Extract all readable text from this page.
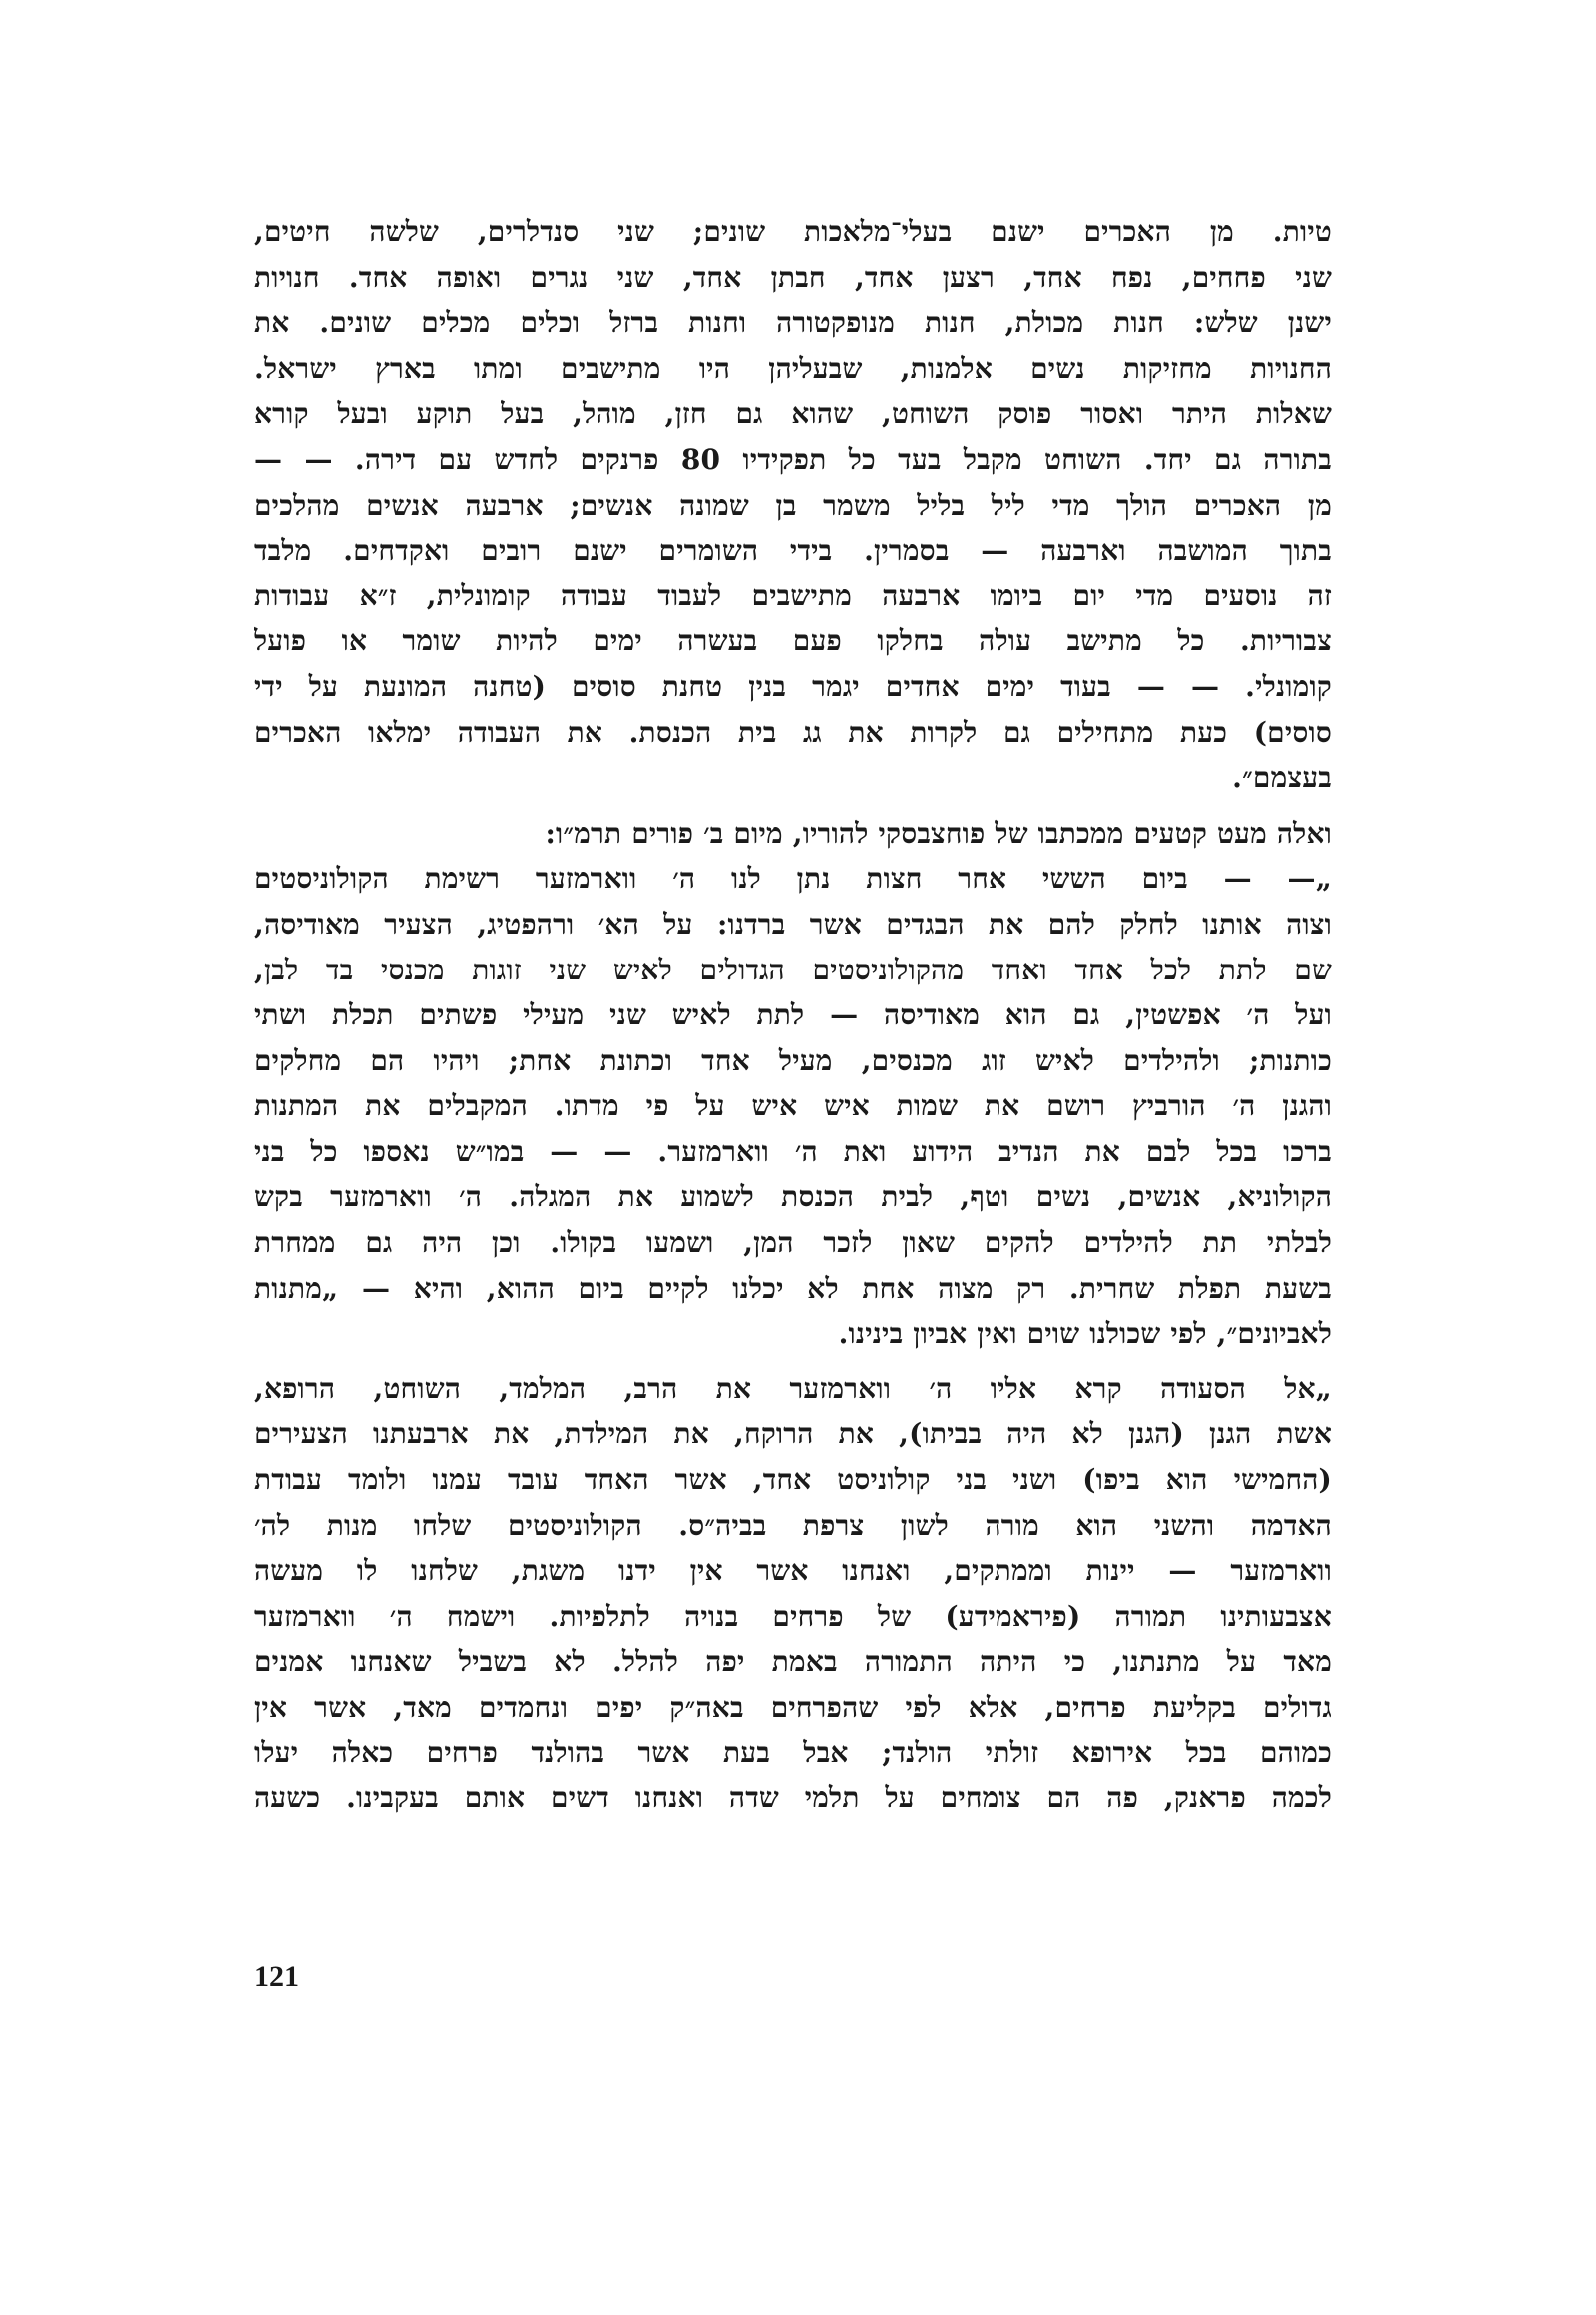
טיות. מן האכרים ישנם בעלי־מלאכות שונים; שני סנדלרים, שלשה חיטים,
שני פחחים, נפח אחד, רצען אחד, חבתן אחד, שני נגרים ואופה אחד. חנויות
ישנן שלש: חנות מכולת, חנות מנופקטורה וחנות ברזל וכלים מכלים שונים. את
החנויות מחזיקות נשים אלמנות, שבעליהן היו מתישבים ומתו בארץ ישראל.
שאלות היתר ואסור פוסק השוחט, שהוא גם חזן, מוהל, בעל תוקע ובעל קורא
בתורה גם יחד. השוחט מקבל בעד כל תפקידיו 80 פרנקים לחדש עם דירה. — —
מן האכרים הולך מדי ליל בליל משמר בן שמונה אנשים; ארבעה אנשים מהלכים
בתוך המושבה וארבעה — בסמרין. בידי השומרים ישנם רובים ואקדחים. מלבד
זה נוסעים מדי יום ביומו ארבעה מתישבים לעבוד עבודה קומונלית, ז״א עבודות
צבוריות. כל מתישב עולה בחלקו פעם בעשרה ימים להיות שומר או פועל
קומונלי. — — בעוד ימים אחדים יגמר בנין טחנת סוסים (טחנה המונעת על ידי
סוסים) כעת מתחילים גם לקרות את גג בית הכנסת. את העבודה ימלאו האכרים
בעצמם״.
ואלה מעט קטעים ממכתבו של פוחצבסקי להוריו, מיום ב׳ פורים תרמ״ו:
„— — ביום הששי אחר חצות נתן לנו ה׳ ווארמזער רשימת הקולוניסטים
וצוה אותנו לחלק להם את הבגדים אשר ברדנו: על הא׳ ורהפטיג, הצעיר מאודיסה,
שם לתת לכל אחד ואחד מהקולוניסטים הגדולים לאיש שני זוגות מכנסי בד לבן,
ועל ה׳ אפשטין, גם הוא מאודיסה — לתת לאיש שני מעילי פשתים תכלת ושתי
כותנות; ולהילדים לאיש זוג מכנסים, מעיל אחד וכתונת אחת; ויהיו הם מחלקים
והגנן ה׳ הורביץ רושם את שמות איש איש על פי מדתו. המקבלים את המתנות
ברכו בכל לבם את הנדיב הידוע ואת ה׳ ווארמזער. — — במו״ש נאספו כל בני
הקולוניא, אנשים, נשים וטף, לבית הכנסת לשמוע את המגלה. ה׳ ווארמזער בקש
לבלתי תת להילדים להקים שאון לזכר המן, ושמעו בקולו. וכן היה גם ממחרת
בשעת תפלת שחרית. רק מצוה אחת לא יכלנו לקיים ביום ההוא, והיא — „מתנות
לאביונים״, לפי שכולנו שוים ואין אביון בינינו.
„אל הסעודה קרא אליו ה׳ ווארמזער את הרב, המלמד, השוחט, הרופא,
אשת הגנן (הגנן לא היה בביתו), את הרוקח, את המילדת, את ארבעתנו הצעירים
(החמישי הוא ביפו) ושני בני קולוניסט אחד, אשר האחד עובד עמנו ולומד עבודת
האדמה והשני הוא מורה לשון צרפת בביה״ס. הקולוניסטים שלחו מנות לה׳
ווארמזער — יינות וממתקים, ואנחנו אשר אין ידנו משגת, שלחנו לו מעשה
אצבעותינו תמורה (פיראמידע) של פרחים בנויה לתלפיות. וישמח ה׳ ווארמזער
מאד על מתנתנו, כי היתה התמורה באמת יפה להלל. לא בשביל שאנחנו אמנים
גדולים בקליעת פרחים, אלא לפי שהפרחים באה״ק יפים ונחמדים מאד, אשר אין
כמוהם בכל אירופא זולתי הולנד; אבל בעת אשר בהולנד פרחים כאלה יעלו
לכמה פראנק, פה הם צומחים על תלמי שדה ואנחנו דשים אותם בעקבינו. כשעה
121
